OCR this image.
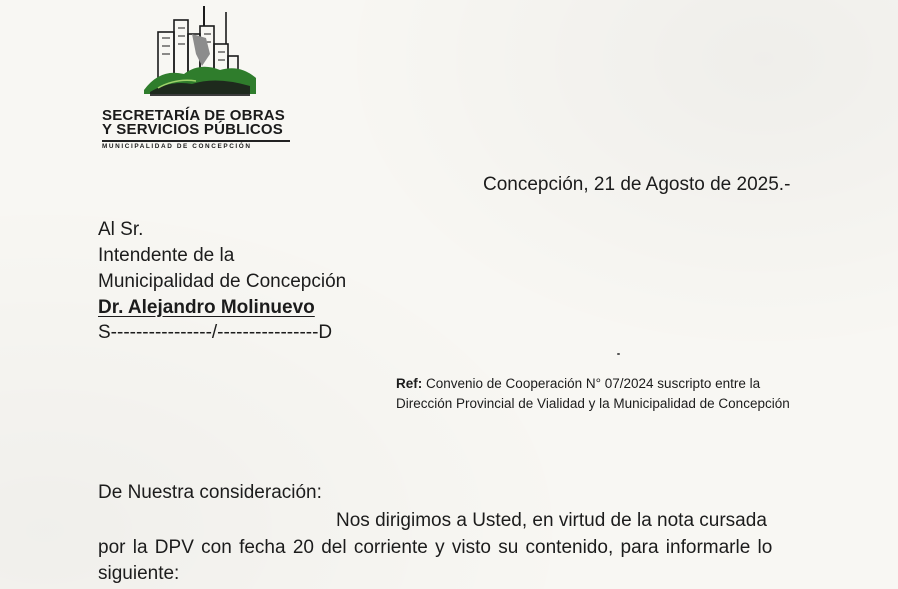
SECRETARÍA DE OBRAS
Y SERVICIOS PÚBLICOS
MUNICIPALIDAD DE CONCEPCIÓN
Concepción, 21 de Agosto de 2025.-
Al Sr.
Intendente de la
Municipalidad de Concepción
Dr. Alejandro Molinuevo
S----------------/----------------D
Ref: Convenio de Cooperación N° 07/2024 suscripto entre la Dirección Provincial de Vialidad y la Municipalidad de Concepción
De Nuestra consideración:
Nos dirigimos a Usted, en virtud de la nota cursada
por la DPV con fecha 20 del corriente y visto su contenido, para informarle lo
siguiente:
